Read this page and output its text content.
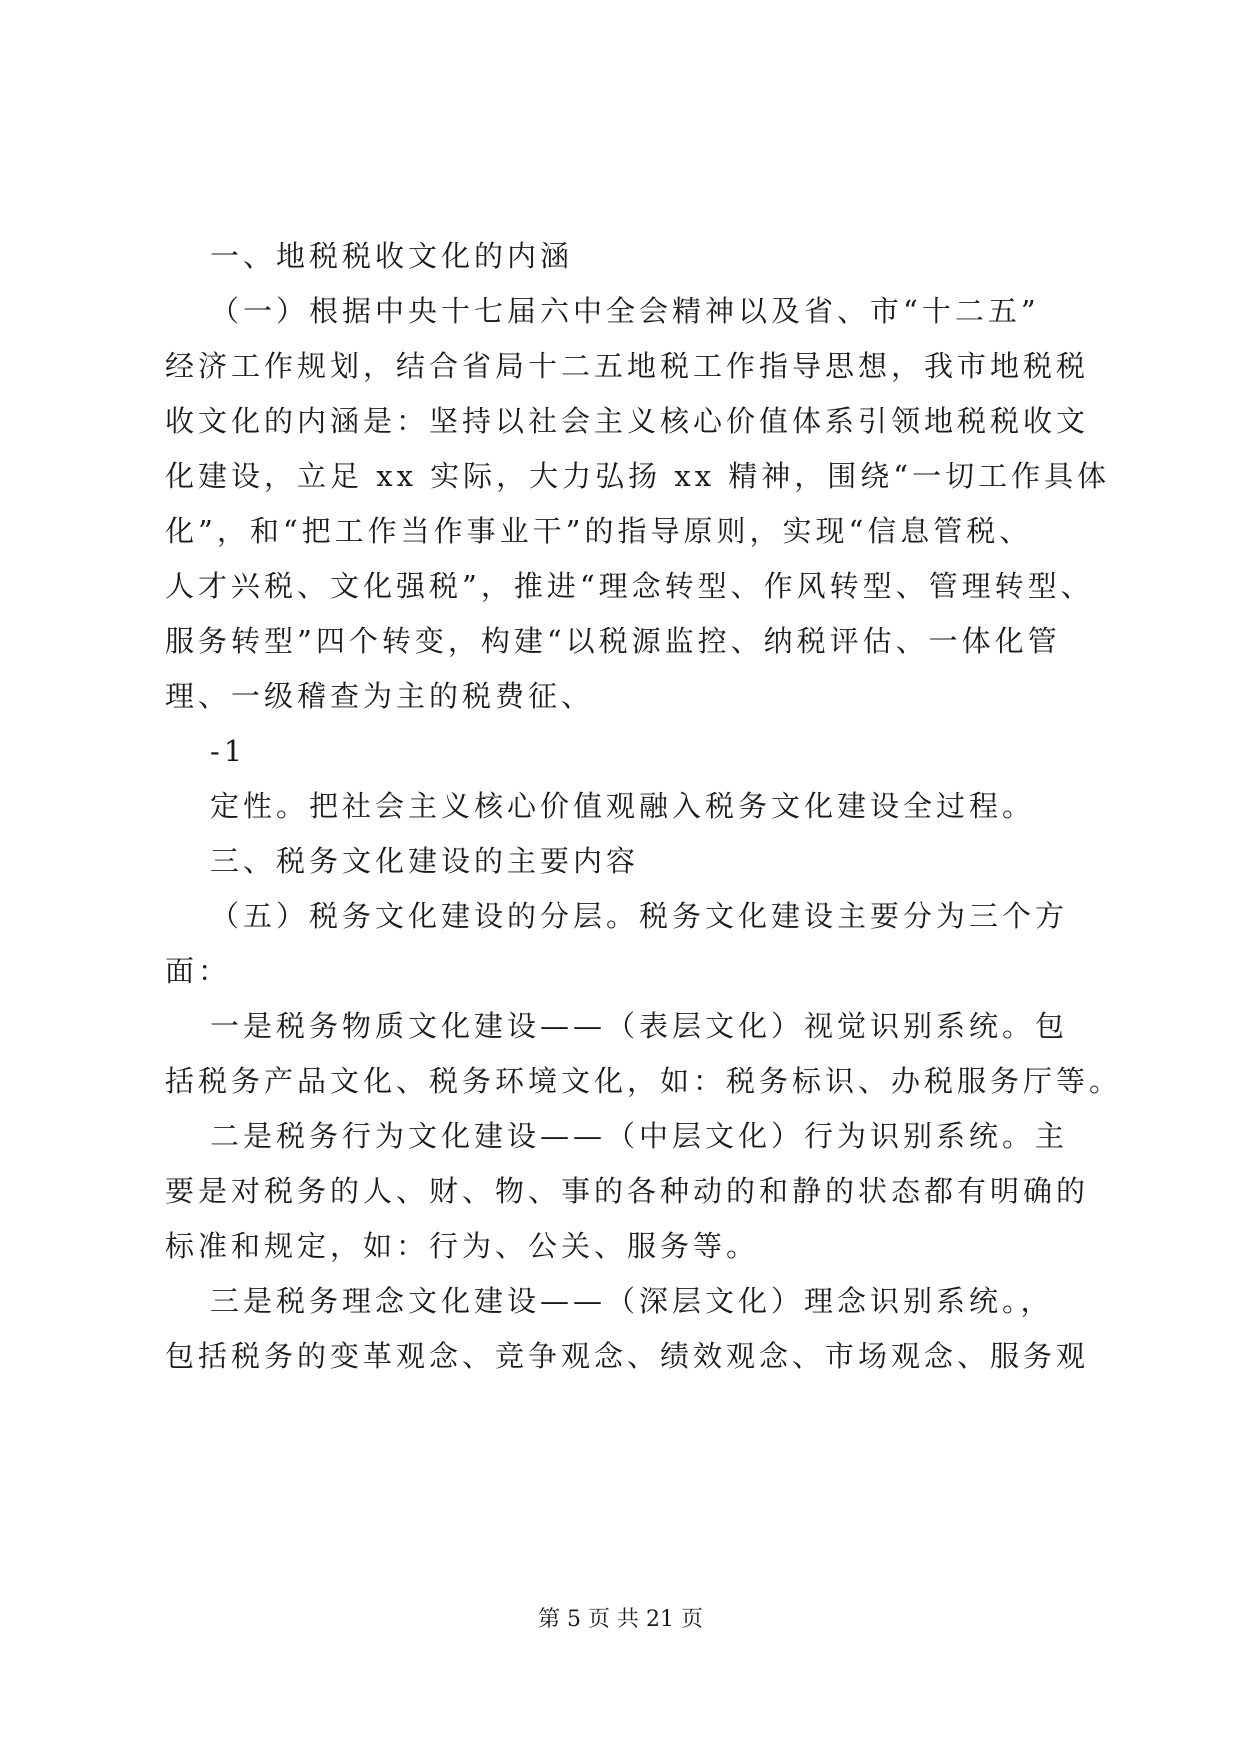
一、地税税收文化的内涵
（一）根据中央十七届六中全会精神以及省、市“十二五”
经济工作规划，结合省局十二五地税工作指导思想，我市地税税
收文化的内涵是：坚持以社会主义核心价值体系引领地税税收文
化建设，立足 xx 实际，大力弘扬 xx 精神，围绕“一切工作具体
化”，和“把工作当作事业干”的指导原则，实现“信息管税、
人才兴税、文化强税”，推进“理念转型、作风转型、管理转型、
服务转型”四个转变，构建“以税源监控、纳税评估、一体化管
理、一级稽查为主的税费征、
-1
定性。把社会主义核心价值观融入税务文化建设全过程。
三、税务文化建设的主要内容
（五）税务文化建设的分层。税务文化建设主要分为三个方
面：
一是税务物质文化建设——（表层文化）视觉识别系统。包
括税务产品文化、税务环境文化，如：税务标识、办税服务厅等。
二是税务行为文化建设——（中层文化）行为识别系统。主
要是对税务的人、财、物、事的各种动的和静的状态都有明确的
标准和规定，如：行为、公关、服务等。
三是税务理念文化建设——（深层文化）理念识别系统。，
包括税务的变革观念、竞争观念、绩效观念、市场观念、服务观
第 5 页 共 21 页
